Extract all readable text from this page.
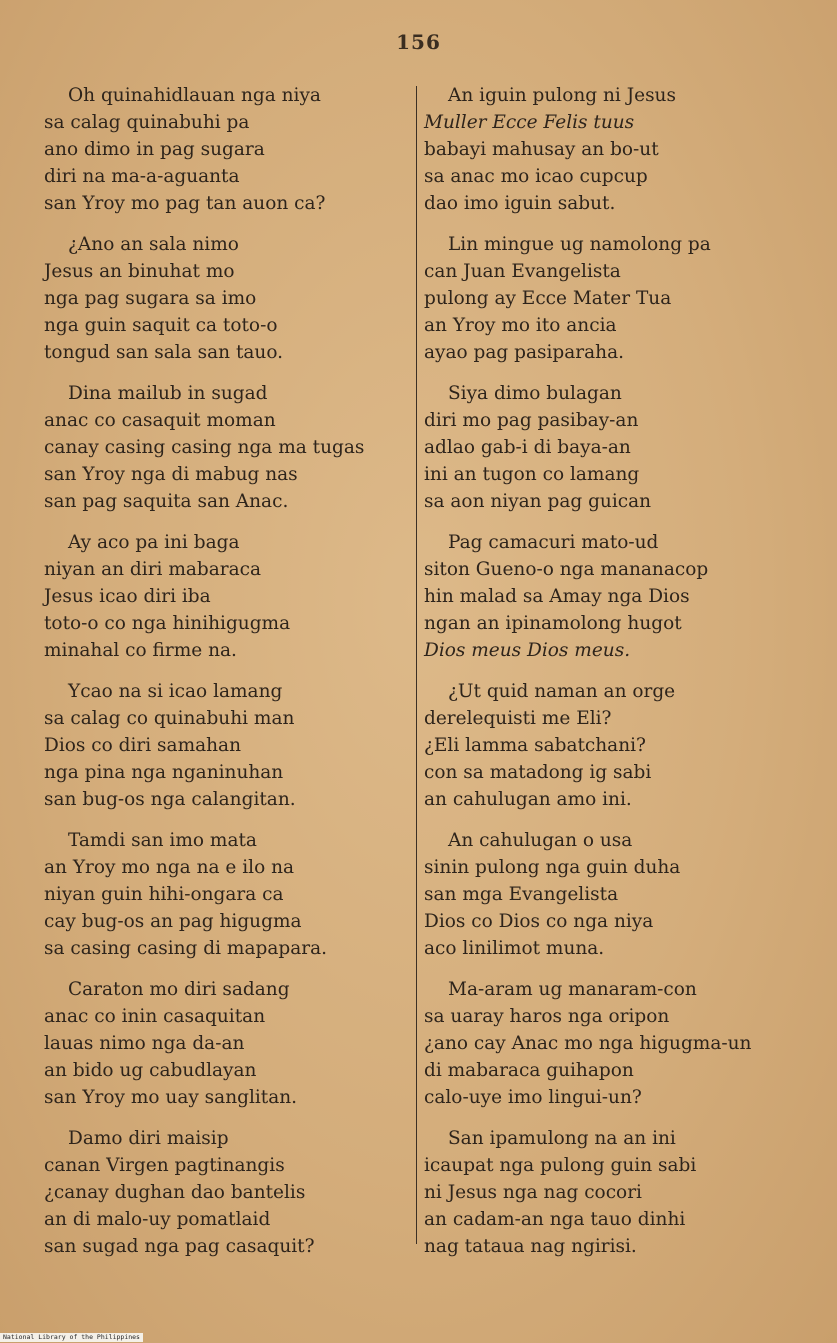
156
Oh quinahidlauan nga niya
sa calag quinabuhi pa
ano dimo in pag sugara
diri na ma-a-aguanta
san Yroy mo pag tan auon ca?
¿Ano an sala nimo
Jesus an binuhat mo
nga pag sugara sa imo
nga guin saquit ca toto-o
tongud san sala san tauo.
Dina mailub in sugad
anac co casaquit moman
canay casing casing nga ma tugas
san Yroy nga di mabug nas
san pag saquita san Anac.
Ay aco pa ini baga
niyan an diri mabaraca
Jesus icao diri iba
toto-o co nga hinihigugma
minahal co firme na.
Ycao na si icao lamang
sa calag co quinabuhi man
Dios co diri samahan
nga pina nga nganinuhan
san bug-os nga calangitan.
Tamdi san imo mata
an Yroy mo nga na e ilo na
niyan guin hihi-ongara ca
cay bug-os an pag higugma
sa casing casing di mapapara.
Caraton mo diri sadang
anac co inin casaquitan
lauas nimo nga da-an
an bido ug cabudlayan
san Yroy mo uay sanglitan.
Damo diri maisip
canan Virgen pagtinangis
¿canay dughan dao bantelis
an di malo-uy pomatlaid
san sugad nga pag casaquit?
An iguin pulong ni Jesus
Muller Ecce Felis tuus
babayi mahusay an bo-ut
sa anac mo icao cupcup
dao imo iguin sabut.
Lin mingue ug namolong pa
can Juan Evangelista
pulong ay Ecce Mater Tua
an Yroy mo ito ancia
ayao pag pasiparaha.
Siya dimo bulagan
diri mo pag pasibay-an
adlao gab-i di baya-an
ini an tugon co lamang
sa aon niyan pag guican
Pag camacuri mato-ud
siton Gueno-o nga mananacop
hin malad sa Amay nga Dios
ngan an ipinamolong hugot
Dios meus Dios meus.
¿Ut quid naman an orge
derelequisti me Eli?
¿Eli lamma sabatchani?
con sa matadong ig sabi
an cahulugan amo ini.
An cahulugan o usa
sinin pulong nga guin duha
san mga Evangelista
Dios co Dios co nga niya
aco linilimot muna.
Ma-aram ug manaram-con
sa uaray haros nga oripon
¿ano cay Anac mo nga higugma-un
di mabaraca guihapon
calo-uye imo lingui-un?
San ipamulong na an ini
icaupat nga pulong guin sabi
ni Jesus nga nag cocori
an cadam-an nga tauo dinhi
nag tataua nag ngirisi.
National Library of the Philippines
